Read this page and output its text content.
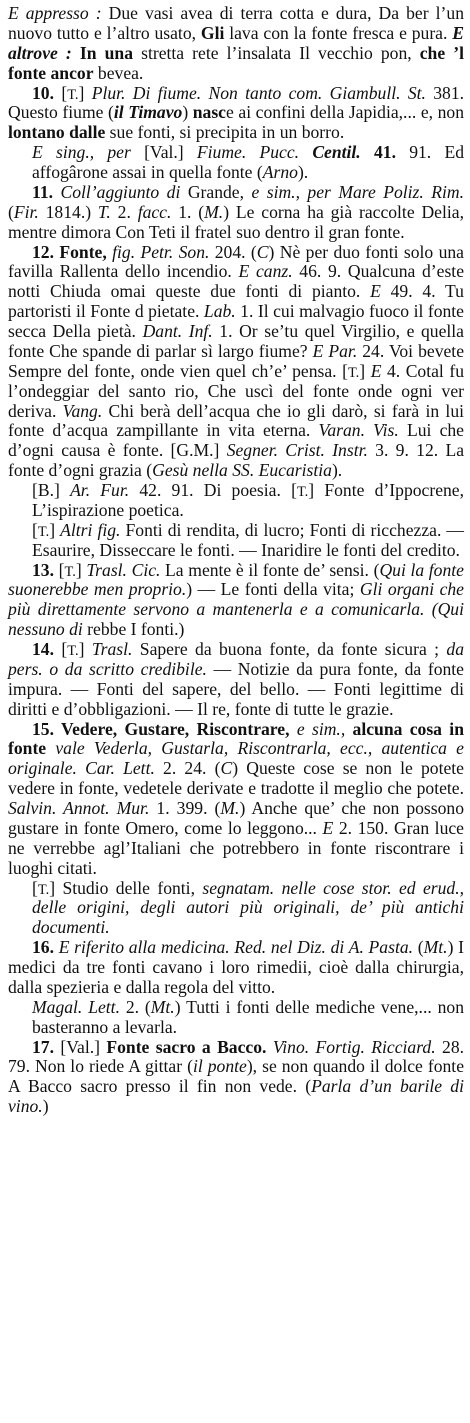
E appresso : Due vasi avea di terra cotta e dura, Da ber l’un nuovo tutto e l’altro usato, Gli lava con la fonte fresca e pura. E altrove : In una stretta rete l’insalata Il vecchio pon, che ’l fonte ancor bevea.

10. [T.] Plur. Di fiume. Non tanto com. Giambull. St. 381. Questo fiume (il Timavo) nasce ai confini della Japidia,... e, non lontano dalle sue fonti, si precipita in un borro.

E sing., per [Val.] Fiume. Pucc. Centil. 41. 91. Ed affogârone assai in quella fonte (Arno).

11. Coll’aggiunto di Grande, e sim., per Mare Poliz. Rim. (Fir. 1814.) T. 2. facc. 1. (M.) Le corna ha già raccolte Delia, mentre dimora Con Teti il fratel suo dentro il gran fonte.

12. Fonte, fig. Petr. Son. 204. (C) Nè per duo fonti solo una favilla Rallenta dello incendio. E canz. 46. 9. Qualcuna d’este notti Chiuda omai queste due fonti di pianto. E 49. 4. Tu partoristi il Fonte d pietate. Lab. 1. Il cui malvagio fuoco il fonte secca Della pietà. Dant. Inf. 1. Or se’tu quel Virgilio, e quella fonte Che spande di parlar sì largo fiume? E Par. 24. Voi bevete Sempre del fonte, onde vien quel ch’e’ pensa. [T.] E 4. Cotal fu l’ondeggiar del santo rio, Che uscì del fonte onde ogni ver deriva. Vang. Chi berà dell’acqua che io gli darò, si farà in lui fonte d’acqua zampillante in vita eterna. Varan. Vis. Lui che d’ogni causa è fonte. [G.M.] Segner. Crist. Instr. 3. 9. 12. La fonte d’ogni grazia (Gesù nella SS. Eucaristia).

[B.] Ar. Fur. 42. 91. Di poesia. [T.] Fonte d’Ippocrene, L’ispirazione poetica.

[T.] Altri fig. Fonti di rendita, di lucro; Fonti di ricchezza. — Esaurire, Disseccare le fonti. — Inaridire le fonti del credito.

13. [T.] Trasl. Cic. La mente è il fonte de’ sensi. (Qui la fonte suonerebbe men proprio.) — Le fonti della vita; Gli organi che più direttamente servono a mantenerla e a comunicarla. (Qui nessuno di rebbe I fonti.)

14. [T.] Trasl. Sapere da buona fonte, da fonte sicura ; da pers. o da scritto credibile. — Notizie da pura fonte, da fonte impura. — Fonti del sapere, del bello. — Fonti legittime di diritti e d’obbligazioni. — Il re, fonte di tutte le grazie.

15. Vedere, Gustare, Riscontrare, e sim., alcuna cosa in fonte vale Vederla, Gustarla, Riscontrarla, ecc., autentica e originale. Car. Lett. 2. 24. (C) Queste cose se non le potete vedere in fonte, vedetele derivate e tradotte il meglio che potete. Salvin. Annot. Mur. 1. 399. (M.) Anche que’ che non possono gustare in fonte Omero, come lo leggono... E 2. 150. Gran luce ne verrebbe agl’Italiani che potrebbero in fonte riscontrare i luoghi citati.

[T.] Studio delle fonti, segnatam. nelle cose stor. ed erud., delle origini, degli autori più originali, de’ più antichi documenti.

16. E riferito alla medicina. Red. nel Diz. di A. Pasta. (Mt.) I medici da tre fonti cavano i loro rimedii, cioè dalla chirurgia, dalla spezieria e dalla regola del vitto.

Magal. Lett. 2. (Mt.) Tutti i fonti delle mediche vene,... non basteranno a levarla.

17. [Val.] Fonte sacro a Bacco. Vino. Fortig. Ricciard. 28. 79. Non lo riede A gittar (il ponte), se non quando il dolce fonte A Bacco sacro presso il fin non vede. (Parla d’un barile di vino.)
